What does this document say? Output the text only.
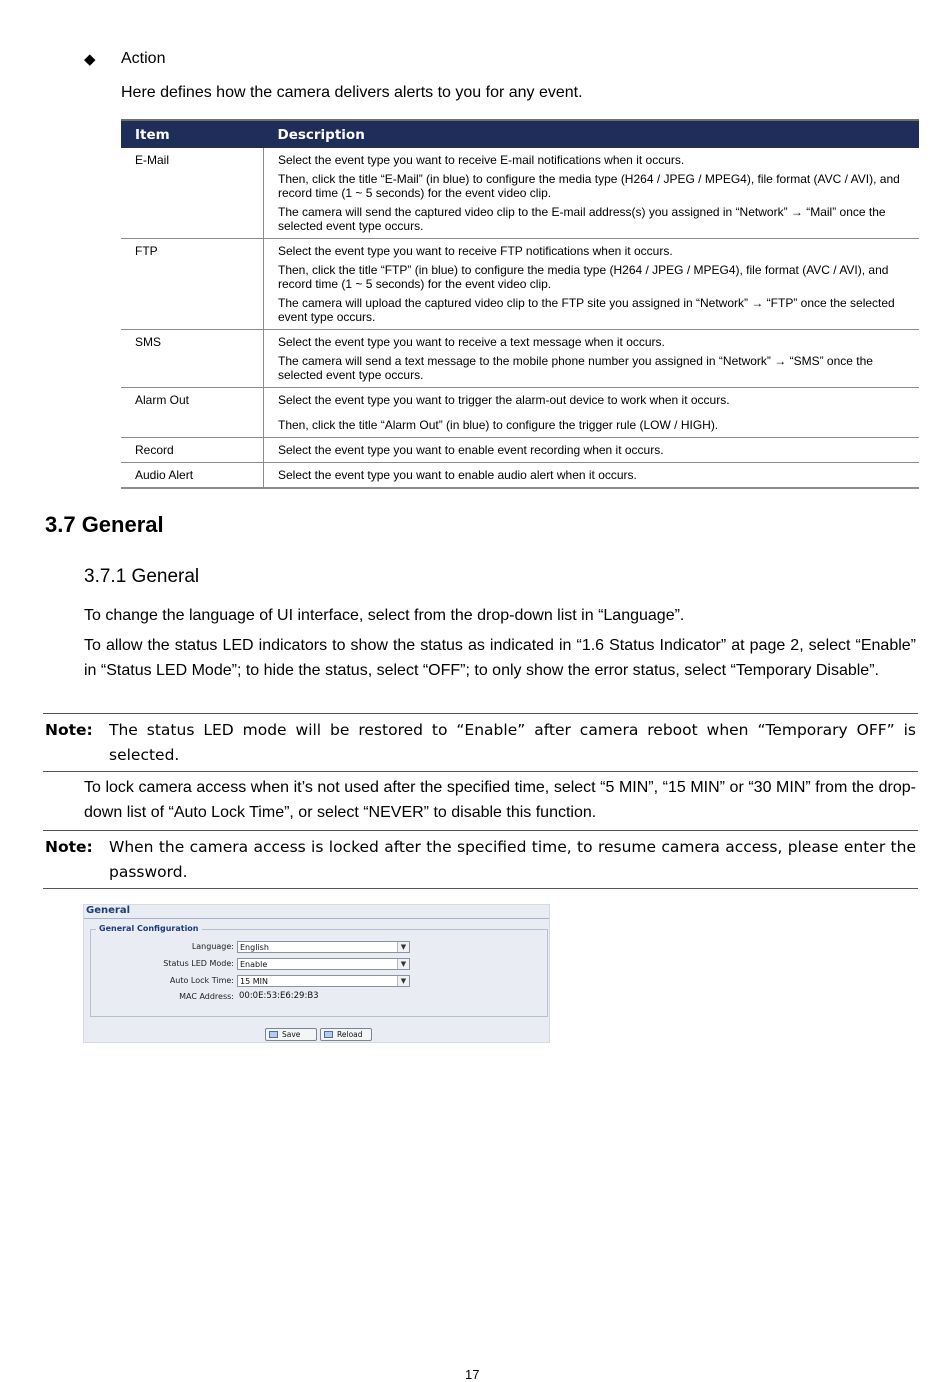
◆ Action
Here defines how the camera delivers alerts to you for any event.
Item	Description
E-Mail	Select the event type you want to receive E-mail notifications when it occurs.

Then, click the title “E-Mail” (in blue) to configure the media type (H264 / JPEG / MPEG4), file format (AVC / AVI), and record time (1 ~ 5 seconds) for the event video clip.

The camera will send the captured video clip to the E-mail address(s) you assigned in “Network” → “Mail” once the selected event type occurs.

FTP	Select the event type you want to receive FTP notifications when it occurs.

Then, click the title “FTP” (in blue) to configure the media type (H264 / JPEG / MPEG4), file format (AVC / AVI), and record time (1 ~ 5 seconds) for the event video clip.

The camera will upload the captured video clip to the FTP site you assigned in “Network” → “FTP” once the selected event type occurs.

SMS	Select the event type you want to receive a text message when it occurs.

The camera will send a text message to the mobile phone number you assigned in “Network” → “SMS” once the selected event type occurs.

Alarm Out	Select the event type you want to trigger the alarm-out device to work when it occurs.

Then, click the title “Alarm Out” (in blue) to configure the trigger rule (LOW / HIGH).

Record	Select the event type you want to enable event recording when it occurs.

Audio Alert	Select the event type you want to enable audio alert when it occurs.

3.7 General
3.7.1 General
To change the language of UI interface, select from the drop-down list in “Language”.
To allow the status LED indicators to show the status as indicated in “1.6 Status Indicator” at page 2, select “Enable” in “Status LED Mode”; to hide the status, select “OFF”; to only show the error status, select “Temporary Disable”.
Note: The status LED mode will be restored to “Enable” after camera reboot when “Temporary OFF” is selected.
To lock camera access when it’s not used after the specified time, select “5 MIN”, “15 MIN” or “30 MIN” from the drop-down list of “Auto Lock Time”, or select “NEVER” to disable this function.
Note: When the camera access is locked after the specified time, to resume camera access, please enter the password.
General
General Configuration
Language: English	▼
Status LED Mode: Enable	▼
Auto Lock Time: 15 MIN	▼
MAC Address: 00:0E:53:E6:29:B3
Save	Reload
17
